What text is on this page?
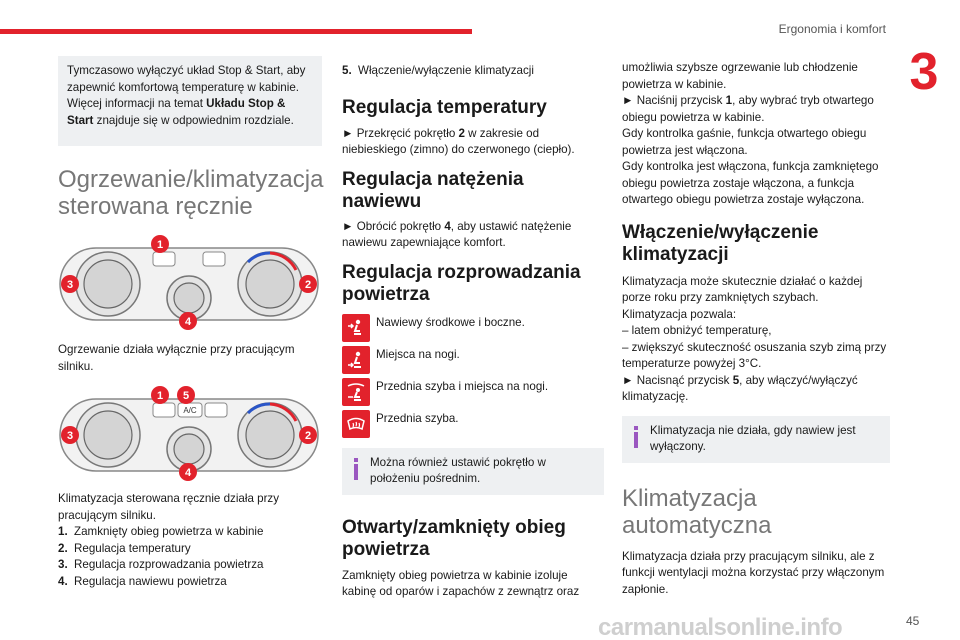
Ergonomia i komfort
3

Tymczasowo wyłączyć układ Stop & Start, aby zapewnić komfortową temperaturę w kabinie.

Więcej informacji na temat Układu Stop & Start znajduje się w odpowiednim rozdziale.

Ogrzewanie/klimatyzacja sterowana ręcznie
1
2
3
4

Ogrzewanie działa wyłącznie przy pracującym silniku.

A/C
1 5
2
3
4

Klimatyzacja sterowana ręcznie działa przy pracującym silniku.

1. Zamknięty obieg powietrza w kabinie
2. Regulacja temperatury
3. Regulacja rozprowadzania powietrza
4. Regulacja nawiewu powietrza
5. Włączenie/wyłączenie klimatyzacji
Regulacja temperatury

► Przekręcić pokrętło 2 w zakresie od niebieskiego (zimno) do czerwonego (ciepło).

Regulacja natężenia nawiewu

► Obrócić pokrętło 4, aby ustawić natężenie nawiewu zapewniające komfort.

Regulacja rozprowadzania powietrza

Nawiewy środkowe i boczne.

Miejsca na nogi.

Przednia szyba i miejsca na nogi.

Przednia szyba.

Można również ustawić pokrętło w położeniu pośrednim.

Otwarty/zamknięty obieg powietrza

Zamknięty obieg powietrza w kabinie izoluje kabinę od oparów i zapachów z zewnątrz oraz

umożliwia szybsze ogrzewanie lub chłodzenie powietrza w kabinie.

► Naciśnij przycisk 1, aby wybrać tryb otwartego obiegu powietrza w kabinie.

Gdy kontrolka gaśnie, funkcja otwartego obiegu powietrza jest włączona.

Gdy kontrolka jest włączona, funkcja zamkniętego obiegu powietrza zostaje włączona, a funkcja otwartego obiegu powietrza zostaje wyłączona.

Włączenie/wyłączenie klimatyzacji

Klimatyzacja może skutecznie działać o każdej porze roku przy zamkniętych szybach.

Klimatyzacja pozwala:

– latem obniżyć temperaturę,

– zwiększyć skuteczność osuszania szyb zimą przy temperaturze powyżej 3°C.

► Nacisnąć przycisk 5, aby włączyć/wyłączyć klimatyzację.

Klimatyzacja nie działa, gdy nawiew jest wyłączony.

Klimatyzacja automatyczna

Klimatyzacja działa przy pracującym silniku, ale z funkcji wentylacji można korzystać przy włączonym zapłonie.

carmanualsonline.info	45
